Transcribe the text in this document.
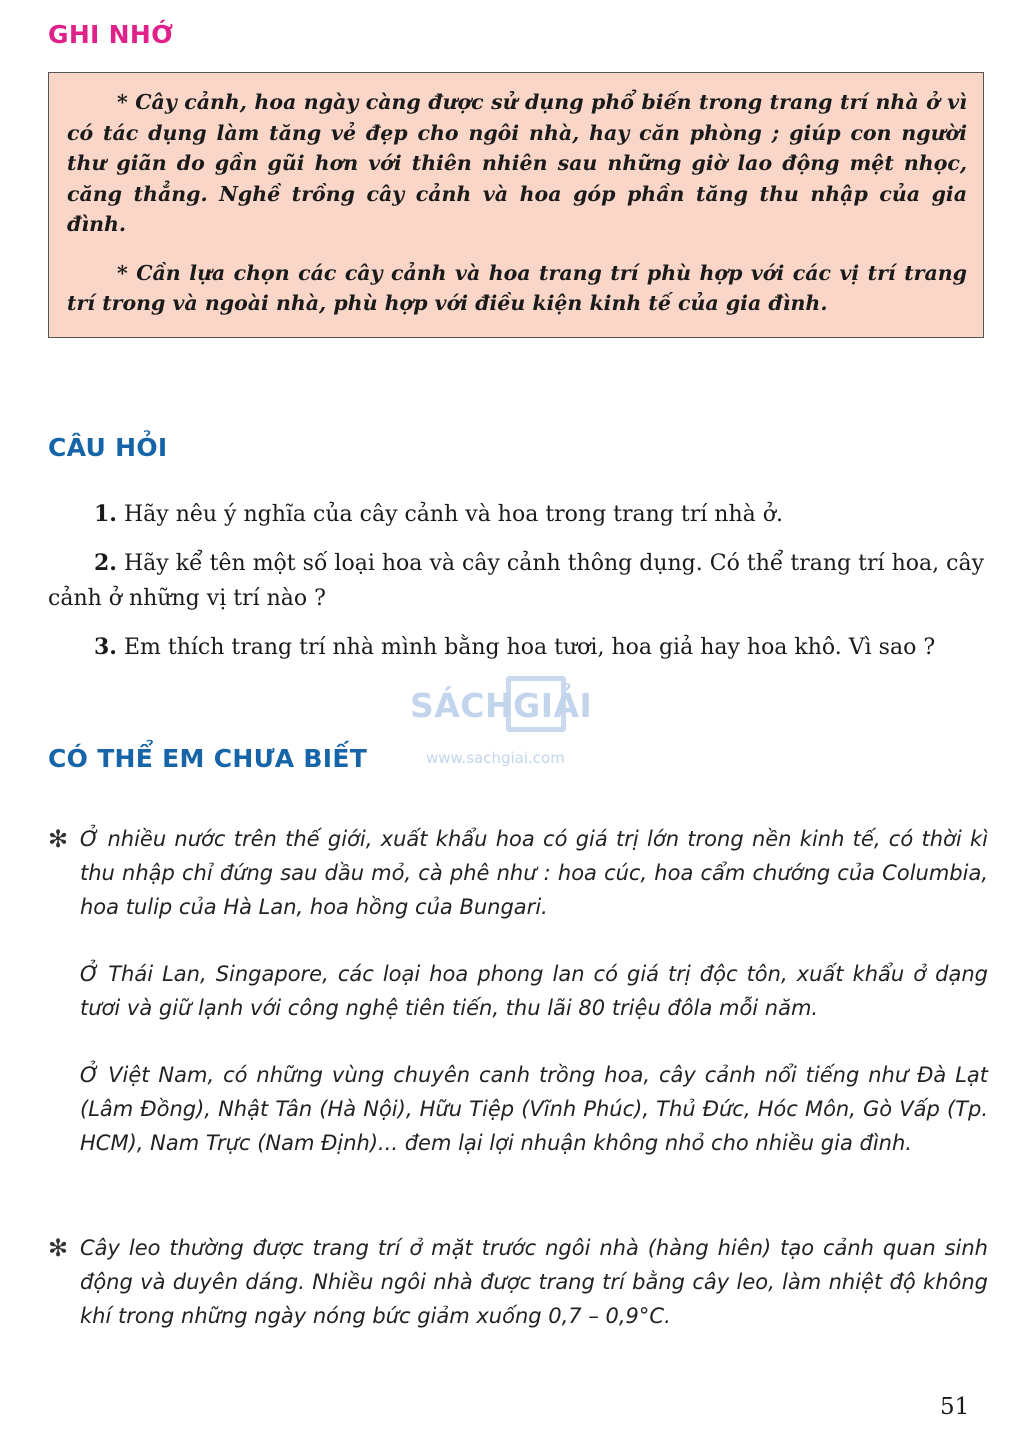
GHI NHỚ

* Cây cảnh, hoa ngày càng được sử dụng phổ biến trong trang trí nhà ở vì có tác dụng làm tăng vẻ đẹp cho ngôi nhà, hay căn phòng ; giúp con người thư giãn do gần gũi hơn với thiên nhiên sau những giờ lao động mệt nhọc, căng thẳng. Nghề trồng cây cảnh và hoa góp phần tăng thu nhập của gia đình.

* Cần lựa chọn các cây cảnh và hoa trang trí phù hợp với các vị trí trang trí trong và ngoài nhà, phù hợp với điều kiện kinh tế của gia đình.

CÂU HỎI

1. Hãy nêu ý nghĩa của cây cảnh và hoa trong trang trí nhà ở.

2. Hãy kể tên một số loại hoa và cây cảnh thông dụng. Có thể trang trí hoa, cây cảnh ở những vị trí nào ?

3. Em thích trang trí nhà mình bằng hoa tươi, hoa giả hay hoa khô. Vì sao ?

SÁCHGIẢI
www.sachgiai.com
CÓ THỂ EM CHƯA BIẾT
✻ Ở nhiều nước trên thế giới, xuất khẩu hoa có giá trị lớn trong nền kinh tế, có thời kì thu nhập chỉ đứng sau dầu mỏ, cà phê như : hoa cúc, hoa cẩm chướng của Columbia, hoa tulip của Hà Lan, hoa hồng của Bungari.

Ở Thái Lan, Singapore, các loại hoa phong lan có giá trị độc tôn, xuất khẩu ở dạng tươi và giữ lạnh với công nghệ tiên tiến, thu lãi 80 triệu đôla mỗi năm.

Ở Việt Nam, có những vùng chuyên canh trồng hoa, cây cảnh nổi tiếng như Đà Lạt (Lâm Đồng), Nhật Tân (Hà Nội), Hữu Tiệp (Vĩnh Phúc), Thủ Đức, Hóc Môn, Gò Vấp (Tp. HCM), Nam Trực (Nam Định)... đem lại lợi nhuận không nhỏ cho nhiều gia đình.

✻ Cây leo thường được trang trí ở mặt trước ngôi nhà (hàng hiên) tạo cảnh quan sinh động và duyên dáng. Nhiều ngôi nhà được trang trí bằng cây leo, làm nhiệt độ không khí trong những ngày nóng bức giảm xuống 0,7 – 0,9°C.

51
